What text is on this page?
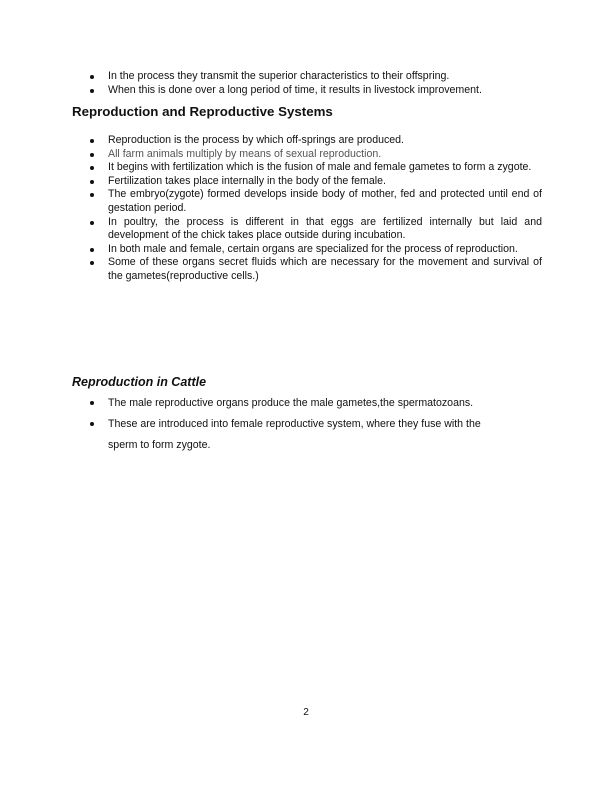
In the process they transmit the superior characteristics to their offspring.
When this is done over a long period of time, it results in livestock improvement.
Reproduction and Reproductive Systems
Reproduction is the process by which off-springs are produced.
All farm animals multiply by means of sexual reproduction.
It begins with fertilization which is the fusion of male and female gametes to form a zygote.
Fertilization takes place internally in the body of the female.
The embryo(zygote) formed develops inside body of mother, fed and protected until end of gestation period.
In poultry, the process is different in that eggs are fertilized internally but laid and development of the chick takes place outside during incubation.
In both male and female, certain organs are specialized for the process of reproduction.
Some of these organs secret fluids which are necessary for the movement and survival of the gametes(reproductive cells.)
Reproduction in Cattle
The male reproductive organs produce the male gametes,the spermatozoans.
These are introduced into female reproductive system, where they fuse with the sperm to form zygote.
2
